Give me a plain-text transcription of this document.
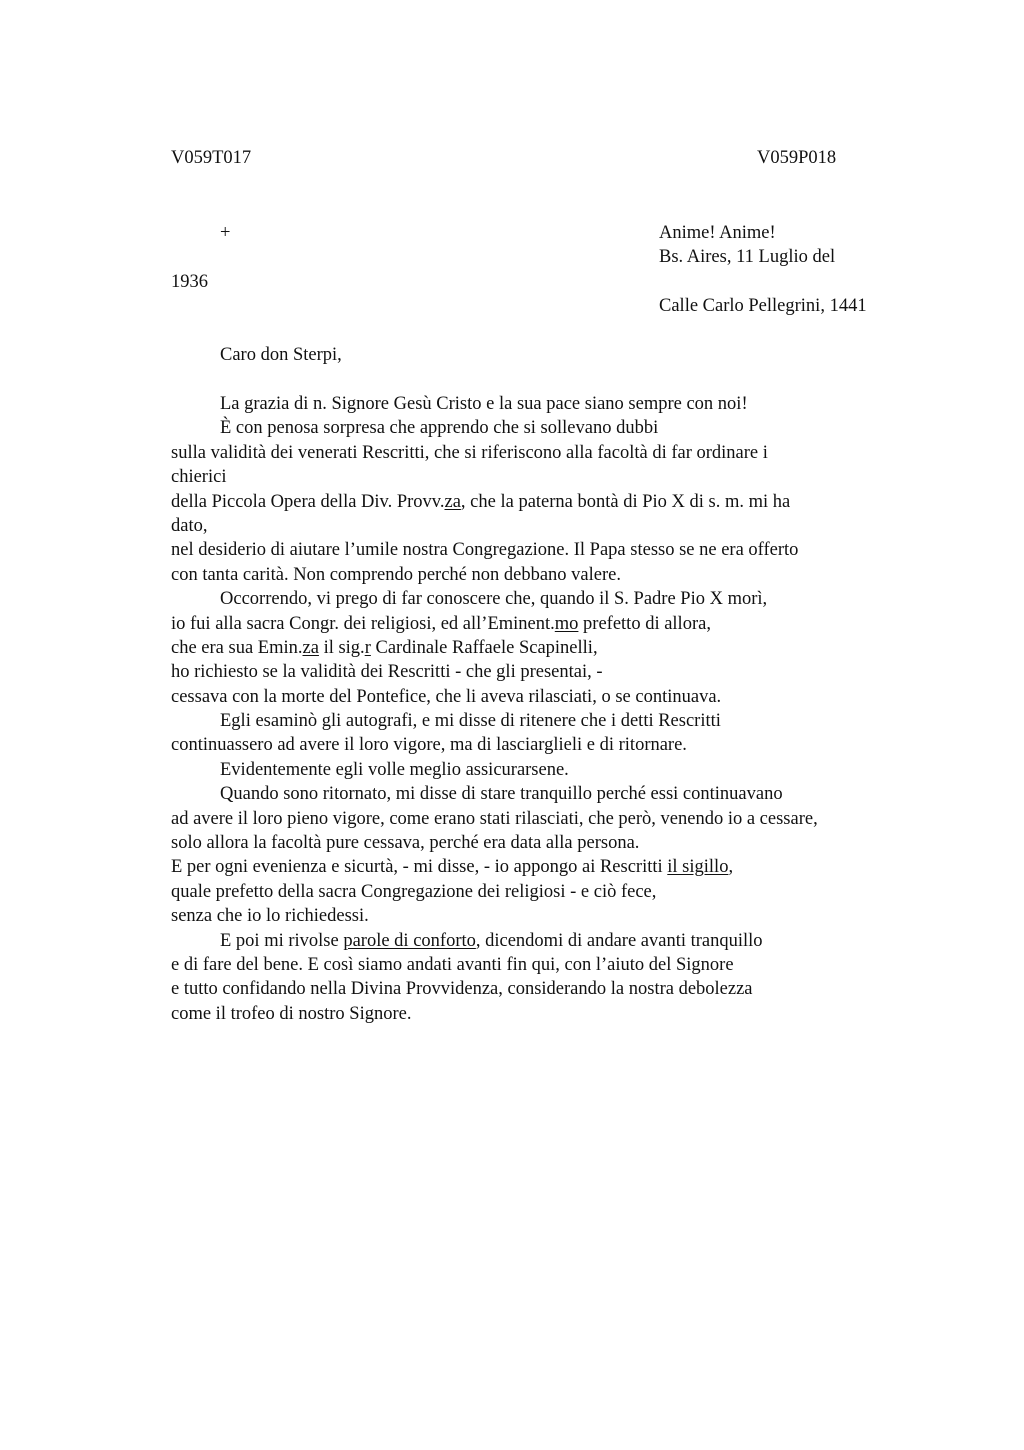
V059T017	V059P018
+	Anime! Anime!
Bs. Aires, 11 Luglio del
1936
Calle Carlo Pellegrini, 1441
Caro don Sterpi,
La grazia di n. Signore Gesù Cristo e la sua pace siano sempre con noi!
È con penosa sorpresa che apprendo che si sollevano dubbi
sulla validità dei venerati Rescritti, che si riferiscono alla facoltà di far ordinare i
chierici
della Piccola Opera della Div. Provv.za, che la paterna bontà di Pio X di s. m. mi ha
dato,
nel desiderio di aiutare l’umile nostra Congregazione. Il Papa stesso se ne era offerto
con tanta carità. Non comprendo perché non debbano valere.
Occorrendo, vi prego di far conoscere che, quando il S. Padre Pio X morì,
io fui alla sacra Congr. dei religiosi, ed all’Eminent.mo prefetto di allora,
che era sua Emin.za il sig.r Cardinale Raffaele Scapinelli,
ho richiesto se la validità dei Rescritti - che gli presentai, -
cessava con la morte del Pontefice, che li aveva rilasciati, o se continuava.
Egli esaminò gli autografi, e mi disse di ritenere che i detti Rescritti
continuassero ad avere il loro vigore, ma di lasciarglieli e di ritornare.
Evidentemente egli volle meglio assicurarsene.
Quando sono ritornato, mi disse di stare tranquillo perché essi continuavano
ad avere il loro pieno vigore, come erano stati rilasciati, che però, venendo io a cessare,
solo allora la facoltà pure cessava, perché era data alla persona.
E per ogni evenienza e sicurtà, - mi disse, - io appongo ai Rescritti il sigillo,
quale prefetto della sacra Congregazione dei religiosi - e ciò fece,
senza che io lo richiedessi.
E poi mi rivolse parole di conforto, dicendomi di andare avanti tranquillo
e di fare del bene. E così siamo andati avanti fin qui, con l’aiuto del Signore
e tutto confidando nella Divina Provvidenza, considerando la nostra debolezza
come il trofeo di nostro Signore.
